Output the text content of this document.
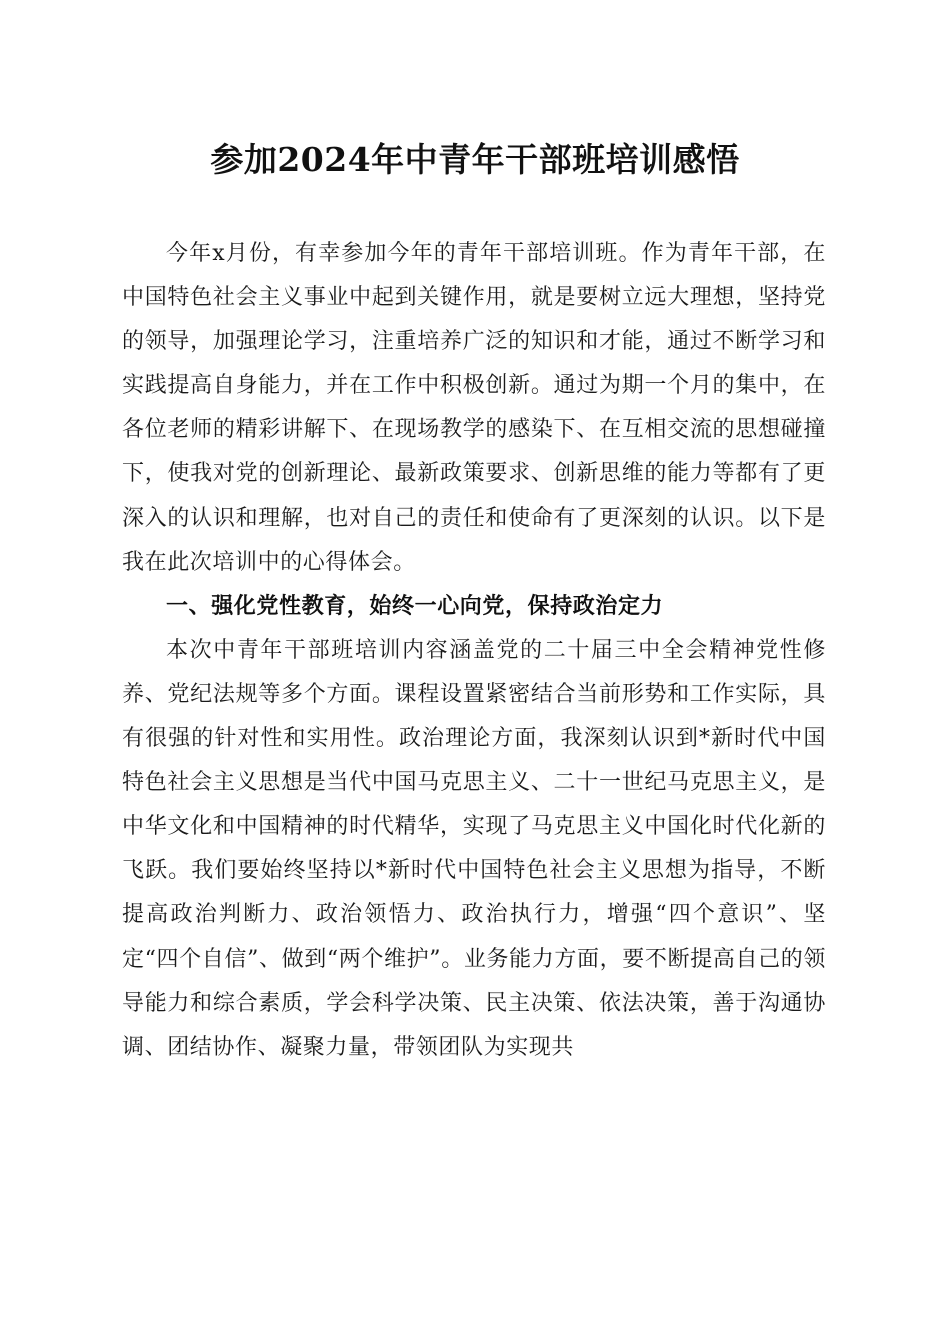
参加2024年中青年干部班培训感悟

今年x月份，有幸参加今年的青年干部培训班。作为青年干部，在中国特色社会主义事业中起到关键作用，就是要树立远大理想，坚持党的领导，加强理论学习，注重培养广泛的知识和才能，通过不断学习和实践提高自身能力，并在工作中积极创新。通过为期一个月的集中，在各位老师的精彩讲解下、在现场教学的感染下、在互相交流的思想碰撞下，使我对党的创新理论、最新政策要求、创新思维的能力等都有了更深入的认识和理解，也对自己的责任和使命有了更深刻的认识。以下是我在此次培训中的心得体会。

一、强化党性教育，始终一心向党，保持政治定力

本次中青年干部班培训内容涵盖党的二十届三中全会精神党性修养、党纪法规等多个方面。课程设置紧密结合当前形势和工作实际，具有很强的针对性和实用性。政治理论方面，我深刻认识到*新时代中国特色社会主义思想是当代中国马克思主义、二十一世纪马克思主义，是中华文化和中国精神的时代精华，实现了马克思主义中国化时代化新的飞跃。我们要始终坚持以*新时代中国特色社会主义思想为指导，不断提高政治判断力、政治领悟力、政治执行力，增强“四个意识”、坚定“四个自信”、做到“两个维护”。业务能力方面，要不断提高自己的领导能力和综合素质，学会科学决策、民主决策、依法决策，善于沟通协调、团结协作、凝聚力量，带领团队为实现共
